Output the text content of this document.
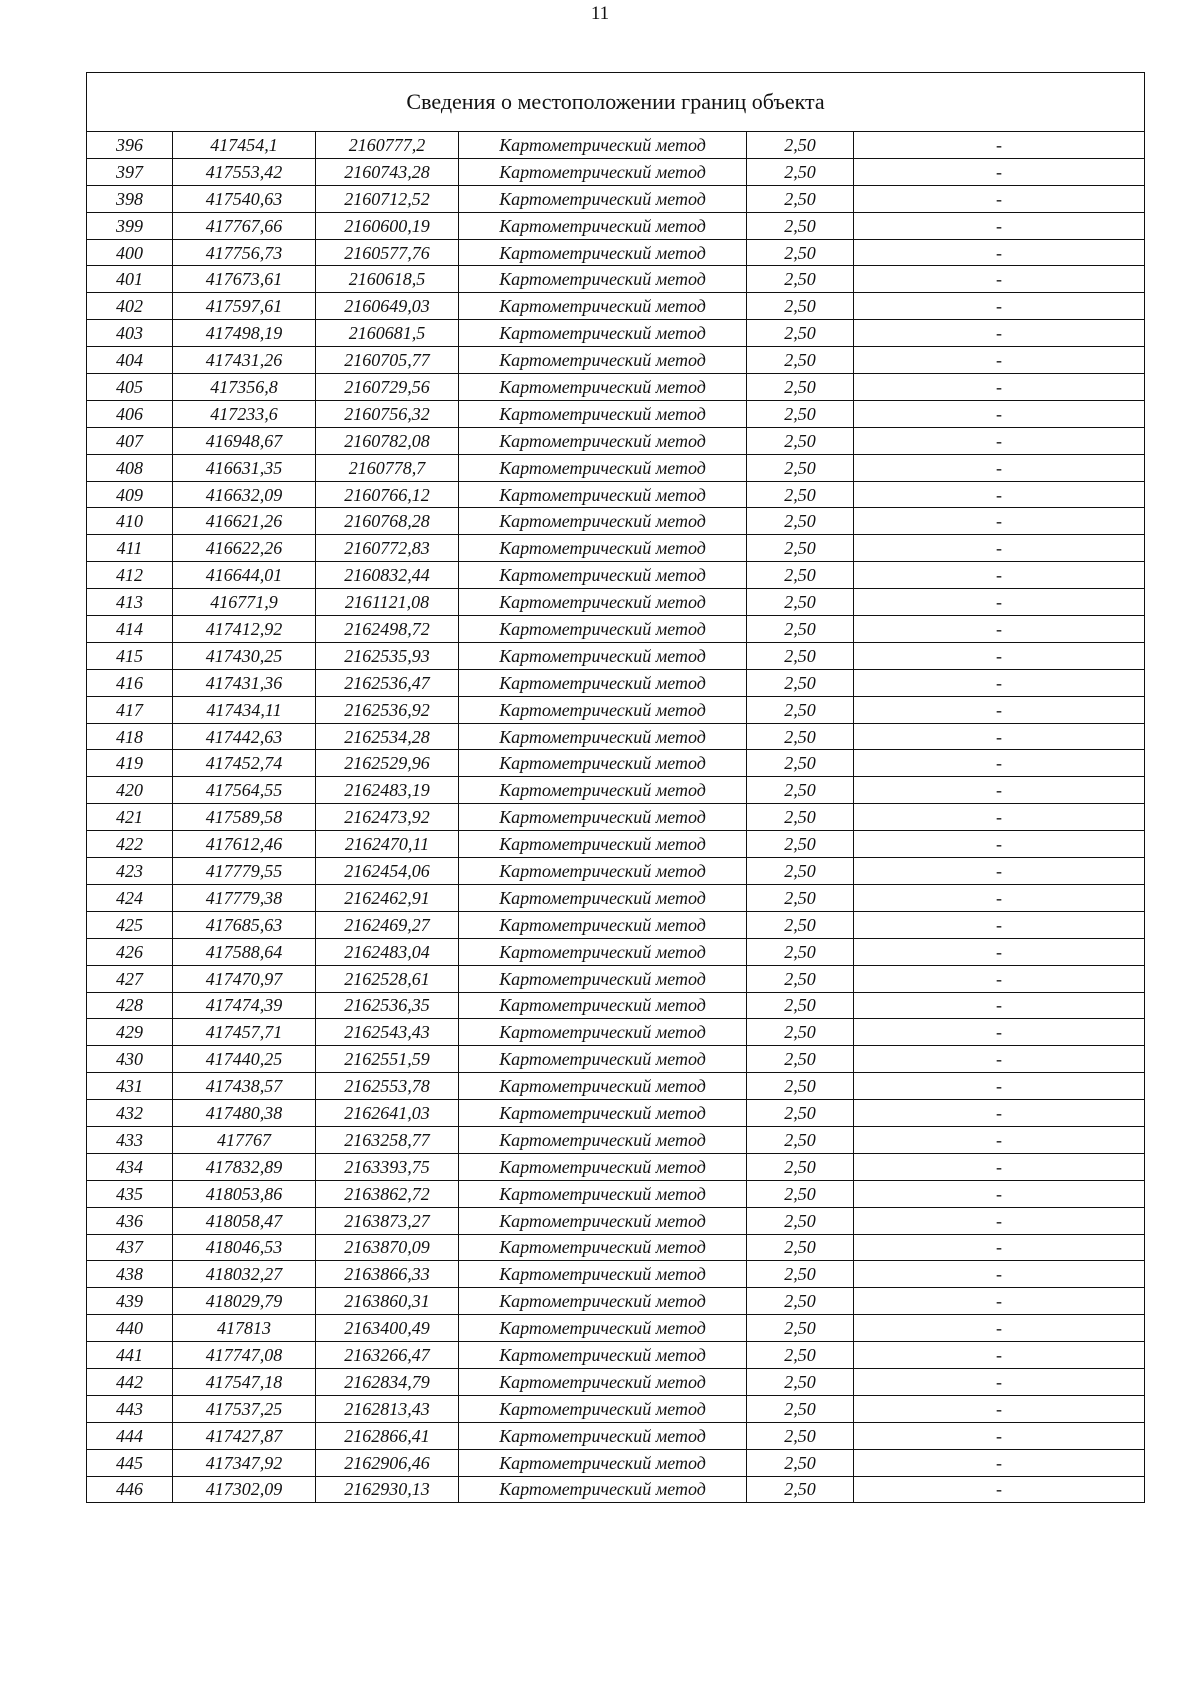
11
Сведения о местоположении границ объекта					
396	417454,1	2160777,2	Картометрический метод	2,50	-
397	417553,42	2160743,28	Картометрический метод	2,50	-
398	417540,63	2160712,52	Картометрический метод	2,50	-
399	417767,66	2160600,19	Картометрический метод	2,50	-
400	417756,73	2160577,76	Картометрический метод	2,50	-
401	417673,61	2160618,5	Картометрический метод	2,50	-
402	417597,61	2160649,03	Картометрический метод	2,50	-
403	417498,19	2160681,5	Картометрический метод	2,50	-
404	417431,26	2160705,77	Картометрический метод	2,50	-
405	417356,8	2160729,56	Картометрический метод	2,50	-
406	417233,6	2160756,32	Картометрический метод	2,50	-
407	416948,67	2160782,08	Картометрический метод	2,50	-
408	416631,35	2160778,7	Картометрический метод	2,50	-
409	416632,09	2160766,12	Картометрический метод	2,50	-
410	416621,26	2160768,28	Картометрический метод	2,50	-
411	416622,26	2160772,83	Картометрический метод	2,50	-
412	416644,01	2160832,44	Картометрический метод	2,50	-
413	416771,9	2161121,08	Картометрический метод	2,50	-
414	417412,92	2162498,72	Картометрический метод	2,50	-
415	417430,25	2162535,93	Картометрический метод	2,50	-
416	417431,36	2162536,47	Картометрический метод	2,50	-
417	417434,11	2162536,92	Картометрический метод	2,50	-
418	417442,63	2162534,28	Картометрический метод	2,50	-
419	417452,74	2162529,96	Картометрический метод	2,50	-
420	417564,55	2162483,19	Картометрический метод	2,50	-
421	417589,58	2162473,92	Картометрический метод	2,50	-
422	417612,46	2162470,11	Картометрический метод	2,50	-
423	417779,55	2162454,06	Картометрический метод	2,50	-
424	417779,38	2162462,91	Картометрический метод	2,50	-
425	417685,63	2162469,27	Картометрический метод	2,50	-
426	417588,64	2162483,04	Картометрический метод	2,50	-
427	417470,97	2162528,61	Картометрический метод	2,50	-
428	417474,39	2162536,35	Картометрический метод	2,50	-
429	417457,71	2162543,43	Картометрический метод	2,50	-
430	417440,25	2162551,59	Картометрический метод	2,50	-
431	417438,57	2162553,78	Картометрический метод	2,50	-
432	417480,38	2162641,03	Картометрический метод	2,50	-
433	417767	2163258,77	Картометрический метод	2,50	-
434	417832,89	2163393,75	Картометрический метод	2,50	-
435	418053,86	2163862,72	Картометрический метод	2,50	-
436	418058,47	2163873,27	Картометрический метод	2,50	-
437	418046,53	2163870,09	Картометрический метод	2,50	-
438	418032,27	2163866,33	Картометрический метод	2,50	-
439	418029,79	2163860,31	Картометрический метод	2,50	-
440	417813	2163400,49	Картометрический метод	2,50	-
441	417747,08	2163266,47	Картометрический метод	2,50	-
442	417547,18	2162834,79	Картометрический метод	2,50	-
443	417537,25	2162813,43	Картометрический метод	2,50	-
444	417427,87	2162866,41	Картометрический метод	2,50	-
445	417347,92	2162906,46	Картометрический метод	2,50	-
446	417302,09	2162930,13	Картометрический метод	2,50	-
